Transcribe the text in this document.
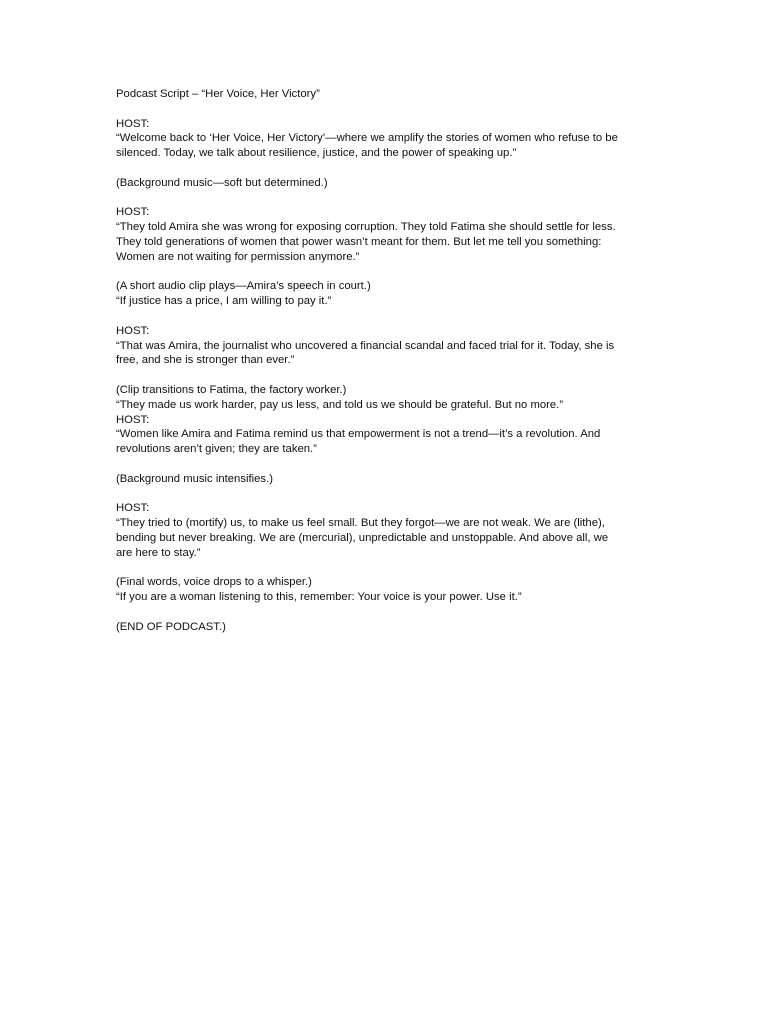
Podcast Script – “Her Voice, Her Victory”
HOST:
“Welcome back to ‘Her Voice, Her Victory’—where we amplify the stories of women who refuse to be
silenced. Today, we talk about resilience, justice, and the power of speaking up.”
(Background music—soft but determined.)
HOST:
“They told Amira she was wrong for exposing corruption. They told Fatima she should settle for less.
They told generations of women that power wasn’t meant for them. But let me tell you something:
Women are not waiting for permission anymore.”
(A short audio clip plays—Amira’s speech in court.)
“If justice has a price, I am willing to pay it.”
HOST:
“That was Amira, the journalist who uncovered a financial scandal and faced trial for it. Today, she is
free, and she is stronger than ever.”
(Clip transitions to Fatima, the factory worker.)
“They made us work harder, pay us less, and told us we should be grateful. But no more.”
HOST:
“Women like Amira and Fatima remind us that empowerment is not a trend—it’s a revolution. And
revolutions aren’t given; they are taken.”
(Background music intensifies.)
HOST:
“They tried to (mortify) us, to make us feel small. But they forgot—we are not weak. We are (lithe),
bending but never breaking. We are (mercurial), unpredictable and unstoppable. And above all, we
are here to stay.”
(Final words, voice drops to a whisper.)
“If you are a woman listening to this, remember: Your voice is your power. Use it.”
(END OF PODCAST.)
